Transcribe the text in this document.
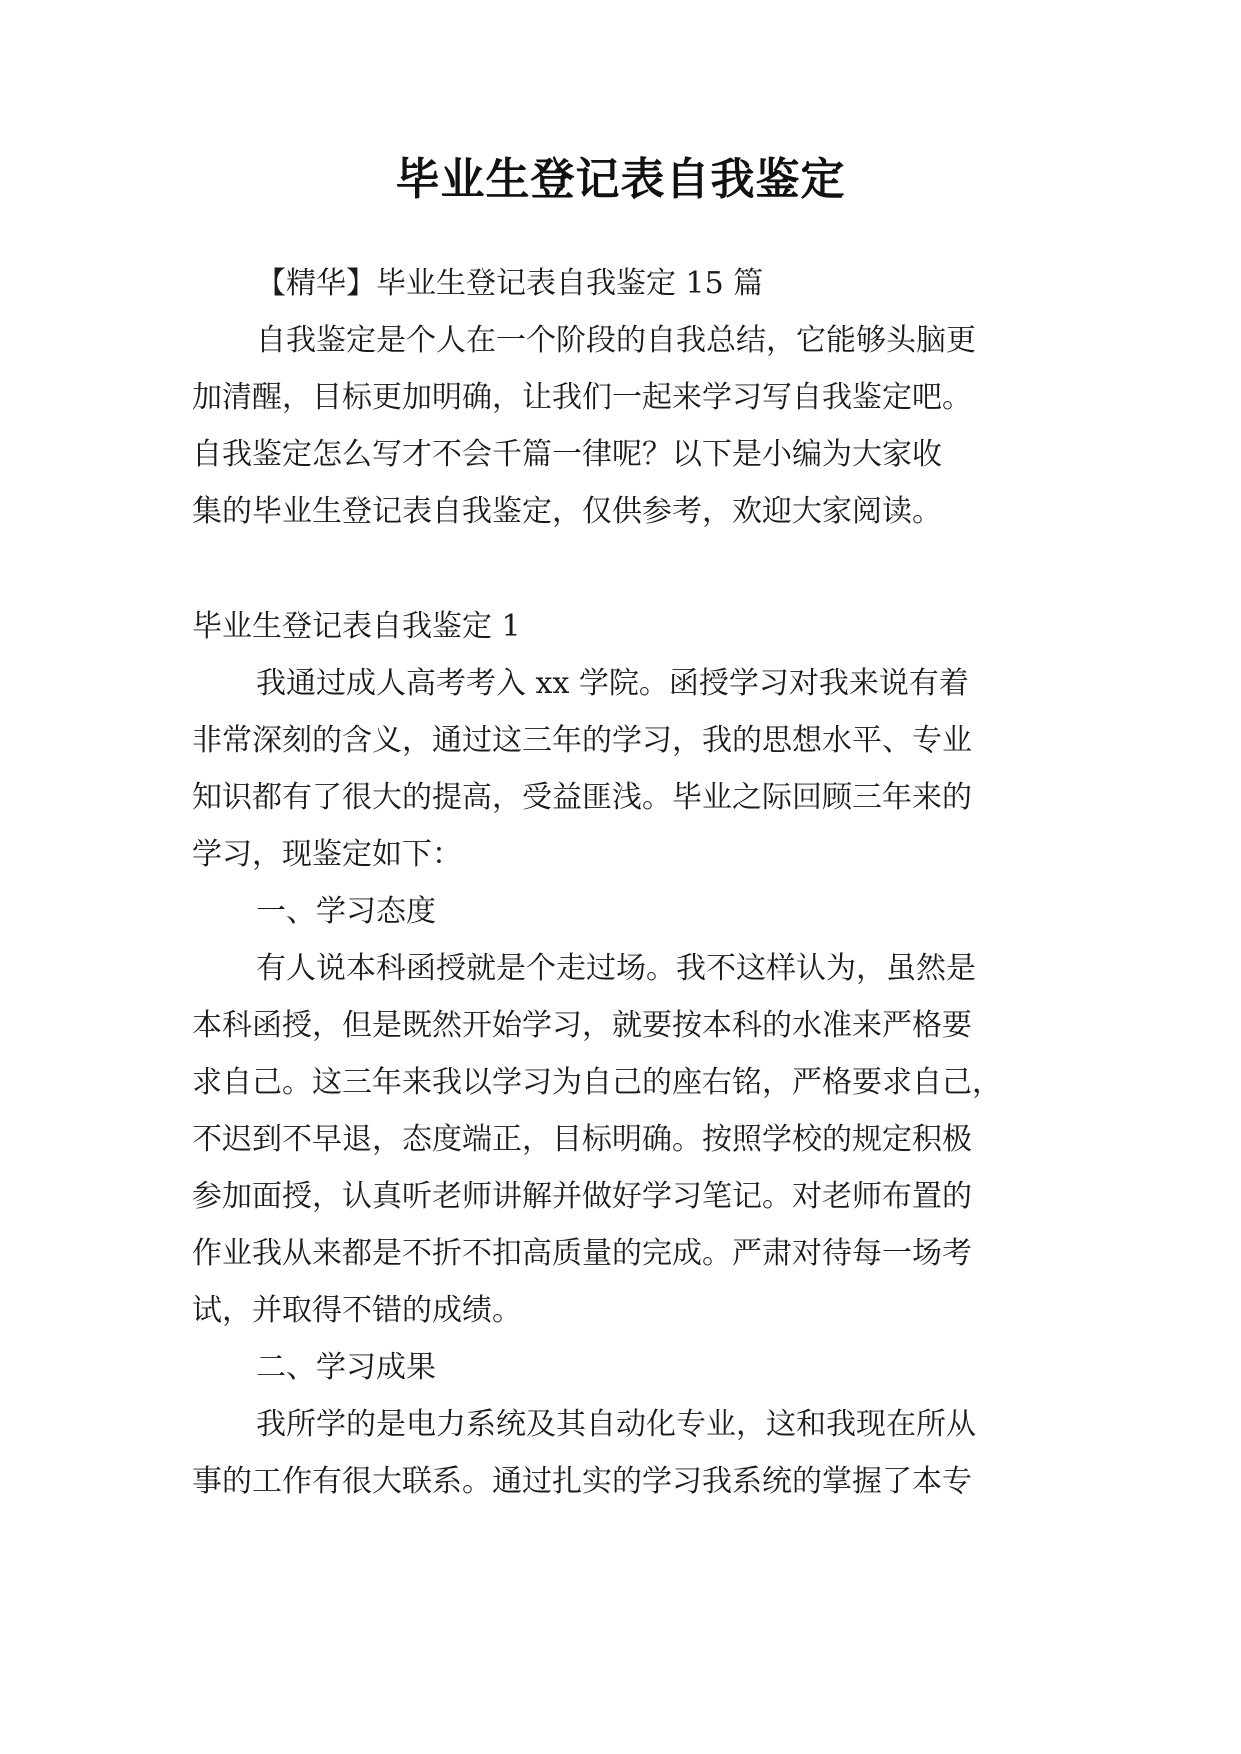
毕业生登记表自我鉴定
【精华】毕业生登记表自我鉴定 15 篇
自我鉴定是个人在一个阶段的自我总结，它能够头脑更
加清醒，目标更加明确，让我们一起来学习写自我鉴定吧。
自我鉴定怎么写才不会千篇一律呢？以下是小编为大家收
集的毕业生登记表自我鉴定，仅供参考，欢迎大家阅读。
毕业生登记表自我鉴定 1
我通过成人高考考入 xx 学院。函授学习对我来说有着
非常深刻的含义，通过这三年的学习，我的思想水平、专业
知识都有了很大的提高，受益匪浅。毕业之际回顾三年来的
学习，现鉴定如下：
一、学习态度
有人说本科函授就是个走过场。我不这样认为，虽然是
本科函授，但是既然开始学习，就要按本科的水准来严格要
求自己。这三年来我以学习为自己的座右铭，严格要求自己，
不迟到不早退，态度端正，目标明确。按照学校的规定积极
参加面授，认真听老师讲解并做好学习笔记。对老师布置的
作业我从来都是不折不扣高质量的完成。严肃对待每一场考
试，并取得不错的成绩。
二、学习成果
我所学的是电力系统及其自动化专业，这和我现在所从
事的工作有很大联系。通过扎实的学习我系统的掌握了本专
